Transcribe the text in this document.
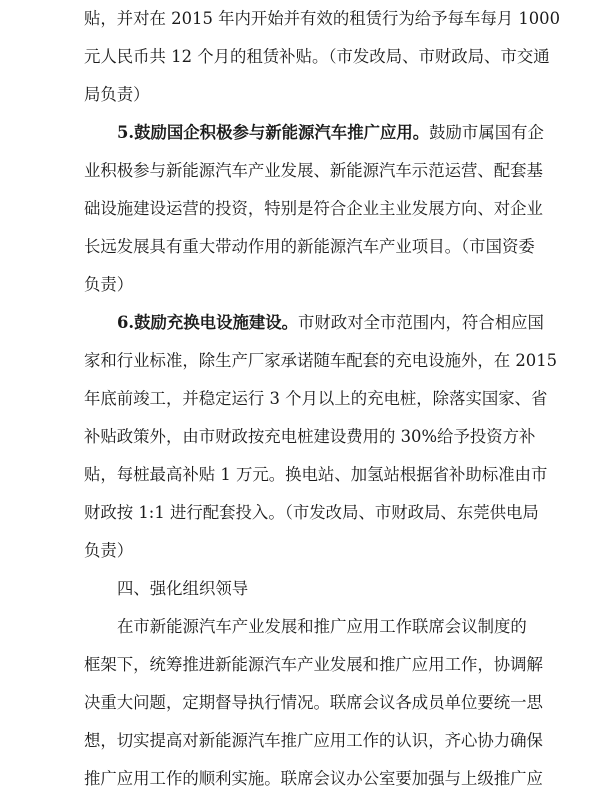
贴，并对在 2015 年内开始并有效的租赁行为给予每车每月 1000
元人民币共 12 个月的租赁补贴。（市发改局、市财政局、市交通
局负责）
5.鼓励国企积极参与新能源汽车推广应用。鼓励市属国有企
业积极参与新能源汽车产业发展、新能源汽车示范运营、配套基
础设施建设运营的投资，特别是符合企业主业发展方向、对企业
长远发展具有重大带动作用的新能源汽车产业项目。（市国资委
负责）
6.鼓励充换电设施建设。市财政对全市范围内，符合相应国
家和行业标准，除生产厂家承诺随车配套的充电设施外，在 2015
年底前竣工，并稳定运行 3 个月以上的充电桩，除落实国家、省
补贴政策外，由市财政按充电桩建设费用的 30%给予投资方补
贴，每桩最高补贴 1 万元。换电站、加氢站根据省补助标准由市
财政按 1:1 进行配套投入。（市发改局、市财政局、东莞供电局
负责）
四、强化组织领导
在市新能源汽车产业发展和推广应用工作联席会议制度的
框架下，统筹推进新能源汽车产业发展和推广应用工作，协调解
决重大问题，定期督导执行情况。联席会议各成员单位要统一思
想，切实提高对新能源汽车推广应用工作的认识，齐心协力确保
推广应用工作的顺利实施。联席会议办公室要加强与上级推广应
